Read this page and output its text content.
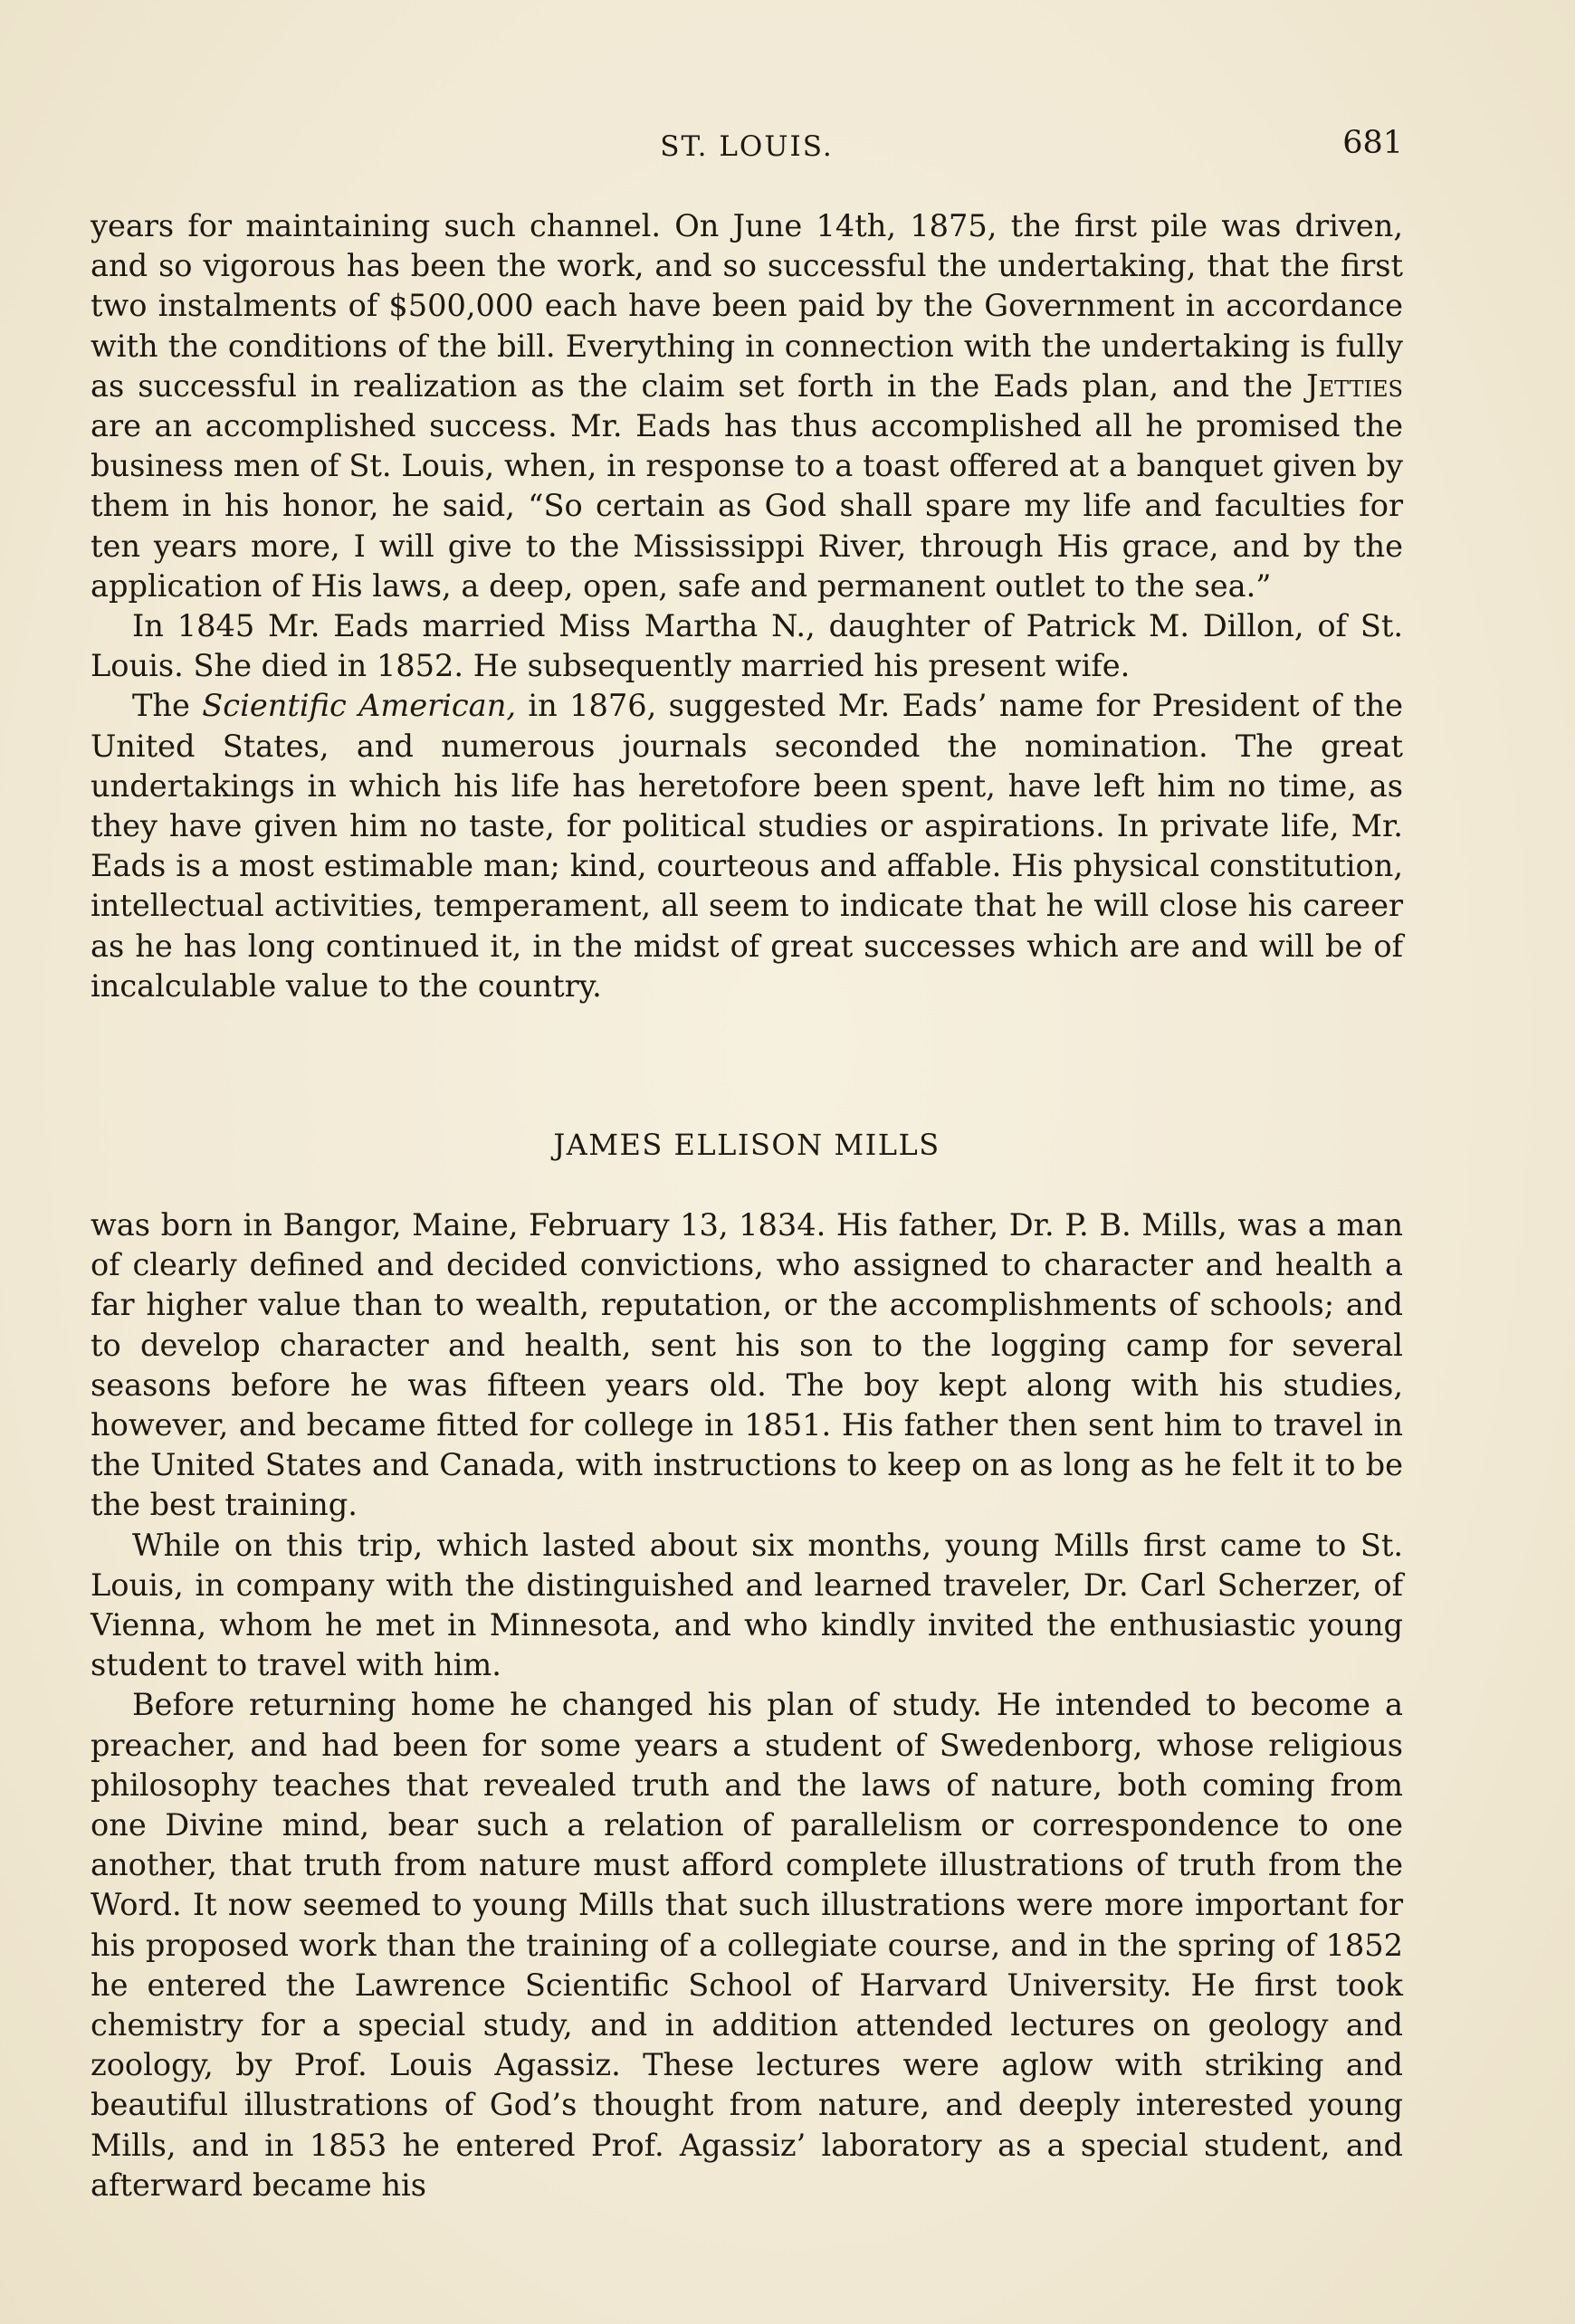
ST. LOUIS.	681

years for maintaining such channel. On June 14th, 1875, the first pile was driven, and so vigorous has been the work, and so successful the undertaking, that the first two instalments of $500,000 each have been paid by the Government in accordance with the conditions of the bill. Everything in connection with the undertaking is fully as successful in realization as the claim set forth in the Eads plan, and the Jetties are an accomplished success. Mr. Eads has thus accomplished all he promised the business men of St. Louis, when, in response to a toast offered at a banquet given by them in his honor, he said, “So certain as God shall spare my life and faculties for ten years more, I will give to the Mississippi River, through His grace, and by the application of His laws, a deep, open, safe and permanent outlet to the sea.”

In 1845 Mr. Eads married Miss Martha N., daughter of Patrick M. Dillon, of St. Louis. She died in 1852. He subsequently married his present wife.

The Scientific American, in 1876, suggested Mr. Eads’ name for President of the United States, and numerous journals seconded the nomination. The great undertakings in which his life has heretofore been spent, have left him no time, as they have given him no taste, for political studies or aspirations. In private life, Mr. Eads is a most estimable man; kind, courteous and affable. His physical constitution, intellectual activities, temperament, all seem to indicate that he will close his career as he has long continued it, in the midst of great successes which are and will be of incalculable value to the country.

JAMES ELLISON MILLS

was born in Bangor, Maine, February 13, 1834. His father, Dr. P. B. Mills, was a man of clearly defined and decided convictions, who assigned to character and health a far higher value than to wealth, reputation, or the accomplishments of schools; and to develop character and health, sent his son to the logging camp for several seasons before he was fifteen years old. The boy kept along with his studies, however, and became fitted for college in 1851. His father then sent him to travel in the United States and Canada, with instructions to keep on as long as he felt it to be the best training.

While on this trip, which lasted about six months, young Mills first came to St. Louis, in company with the distinguished and learned traveler, Dr. Carl Scherzer, of Vienna, whom he met in Minnesota, and who kindly invited the enthusiastic young student to travel with him.

Before returning home he changed his plan of study. He intended to become a preacher, and had been for some years a student of Swedenborg, whose religious philosophy teaches that revealed truth and the laws of nature, both coming from one Divine mind, bear such a relation of parallelism or correspondence to one another, that truth from nature must afford complete illustrations of truth from the Word. It now seemed to young Mills that such illustrations were more important for his proposed work than the training of a collegiate course, and in the spring of 1852 he entered the Lawrence Scientific School of Harvard University. He first took chemistry for a special study, and in addition attended lectures on geology and zoology, by Prof. Louis Agassiz. These lectures were aglow with striking and beautiful illustrations of God’s thought from nature, and deeply interested young Mills, and in 1853 he entered Prof. Agassiz’ laboratory as a special student, and afterward became his
